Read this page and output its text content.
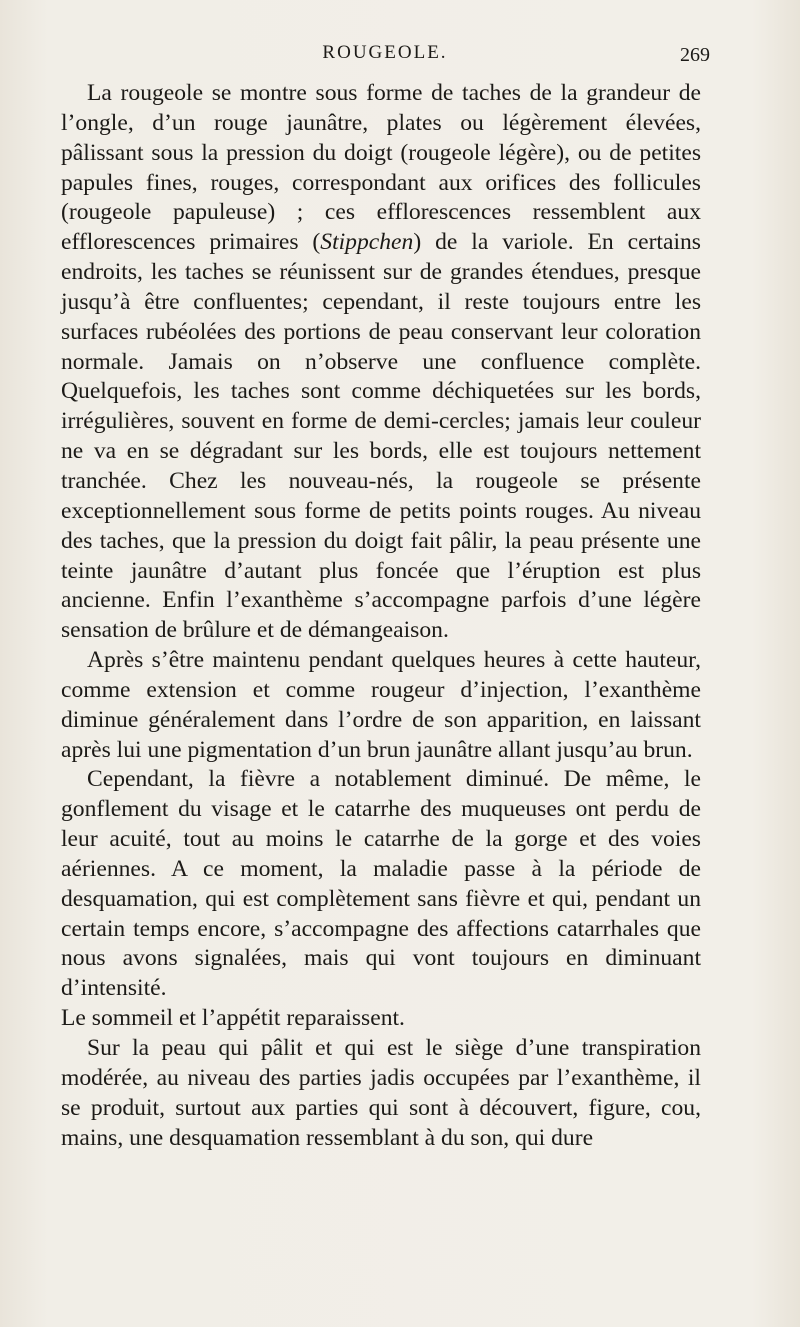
ROUGEOLE.	269

La rougeole se montre sous forme de taches de la grandeur de l’ongle, d’un rouge jaunâtre, plates ou légèrement élevées, pâlissant sous la pression du doigt (rougeole légère), ou de petites papules fines, rouges, correspondant aux orifices des follicules (rougeole papuleuse) ; ces efflorescences ressemblent aux efflorescences primaires (Stippchen) de la variole. En certains endroits, les taches se réunissent sur de grandes étendues, presque jusqu’à être confluentes; cependant, il reste toujours entre les surfaces rubéolées des portions de peau conservant leur coloration normale. Jamais on n’observe une confluence complète. Quelquefois, les taches sont comme déchiquetées sur les bords, irrégulières, souvent en forme de demi-cercles; jamais leur couleur ne va en se dégradant sur les bords, elle est toujours nettement tranchée. Chez les nouveau-nés, la rougeole se présente exceptionnellement sous forme de petits points rouges. Au niveau des taches, que la pression du doigt fait pâlir, la peau présente une teinte jaunâtre d’autant plus foncée que l’éruption est plus ancienne. Enfin l’exanthème s’accompagne parfois d’une légère sensation de brûlure et de démangeaison.

Après s’être maintenu pendant quelques heures à cette hauteur, comme extension et comme rougeur d’injection, l’exanthème diminue généralement dans l’ordre de son apparition, en laissant après lui une pigmentation d’un brun jaunâtre allant jusqu’au brun.

Cependant, la fièvre a notablement diminué. De même, le gonflement du visage et le catarrhe des muqueuses ont perdu de leur acuité, tout au moins le catarrhe de la gorge et des voies aériennes. A ce moment, la maladie passe à la période de desquamation, qui est complètement sans fièvre et qui, pendant un certain temps encore, s’accompagne des affections catarrhales que nous avons signalées, mais qui vont toujours en diminuant d’intensité.

Le sommeil et l’appétit reparaissent.

Sur la peau qui pâlit et qui est le siège d’une transpiration modérée, au niveau des parties jadis occupées par l’exanthème, il se produit, surtout aux parties qui sont à découvert, figure, cou, mains, une desquamation ressemblant à du son, qui dure
